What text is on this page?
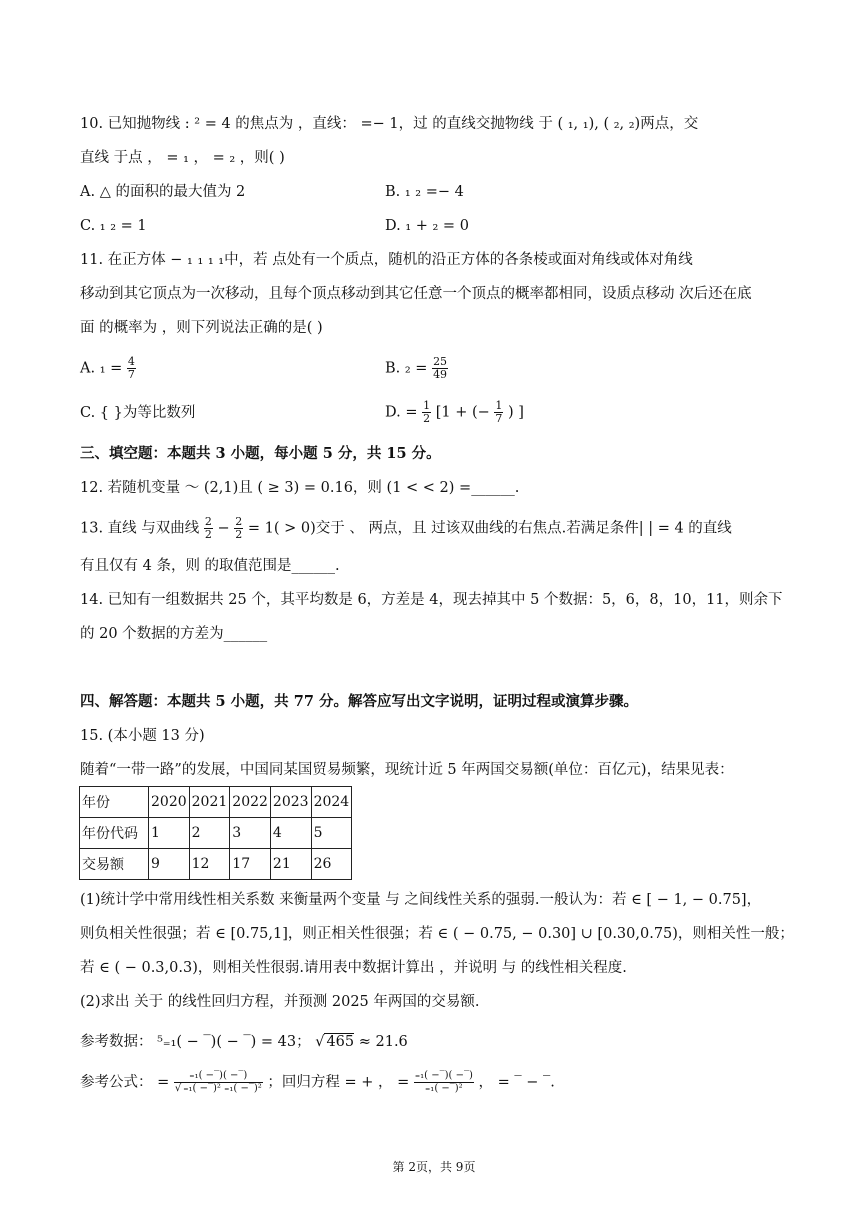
10. 已知抛物线 : ² = 4 的焦点为 ，直线： =− 1，过 的直线交抛物线 于 ( ₁, ₁), ( ₂, ₂)两点，交
直线 于点 ， = ₁ ， = ₂ ，则( )
A. △ 的面积的最大值为 2	B. ₁ ₂ =− 4
C. ₁ ₂ = 1	D. ₁ + ₂ = 0
11. 在正方体 − ₁ ₁ ₁ ₁中，若 点处有一个质点，随机的沿正方体的各条棱或面对角线或体对角线
移动到其它顶点为一次移动，且每个顶点移动到其它任意一个顶点的概率都相同，设质点移动 次后还在底
面 的概率为 ，则下列说法正确的是( )
A. $_1 = \frac{4}{7}$	B. $_2 = \frac{25}{49}$
C. { }为等比数列	D. = $\frac{1}{2} [1$ + (− $\frac{1}{7}$ ) ]
三、填空题：本题共 3 小题，每小题 5 分，共 15 分。
12. 若随机变量 ～ (2,1)且 ( ≥ 3) = 0.16，则 (1 < < 2) =______.
13. 直线 与双曲线 $\frac{2}{2} - \frac{2}{2} = 1( > 0)$交于 、 两点，且 过该双曲线的右焦点.若满足条件| | = 4 的直线
有且仅有 4 条，则 的取值范围是______.
14. 已知有一组数据共 25 个，其平均数是 6，方差是 4，现去掉其中 5 个数据：5，6，8，10，11，则余下
的 20 个数据的方差为______
四、解答题：本题共 5 小题，共 77 分。解答应写出文字说明，证明过程或演算步骤。
15. (本小题 13 分)
随着“一带一路”的发展，中国同某国贸易频繁，现统计近 5 年两国交易额(单位：百亿元)，结果见表：
年份	2020	2021	2022	2023	2024
年份代码	1	2	3	4	5
交易额	9	12	17	21	26
(1)统计学中常用线性相关系数 来衡量两个变量 与 之间线性关系的强弱.一般认为：若 ∈ [ − 1, − 0.75]，
则负相关性很强；若 ∈ [0.75,1]，则正相关性很强；若 ∈ ( − 0.75, − 0.30] ∪ [0.30,0.75)，则相关性一般；
若 ∈ ( − 0.3,0.3)，则相关性很弱.请用表中数据计算出 ，并说明 与 的线性相关程度.
(2)求出 关于 的线性回归方程，并预测 2025 年两国的交易额.
参考数据： ⁵₌₁( − ‾)( − ‾) = 43； √ 465 ≈ 21.6
参考公式： = $\frac{\text{₌₁( −‾)( −‾)}}{\text{√ ₌₁( −‾)² ₌₁( −‾)²}}$ ；回归方程 = + ， = $\frac{\text{₌₁( −‾)( −‾)}}{\text{₌₁( −‾)²}}$ ， = ‾ − ‾.
第 2页，共 9页
